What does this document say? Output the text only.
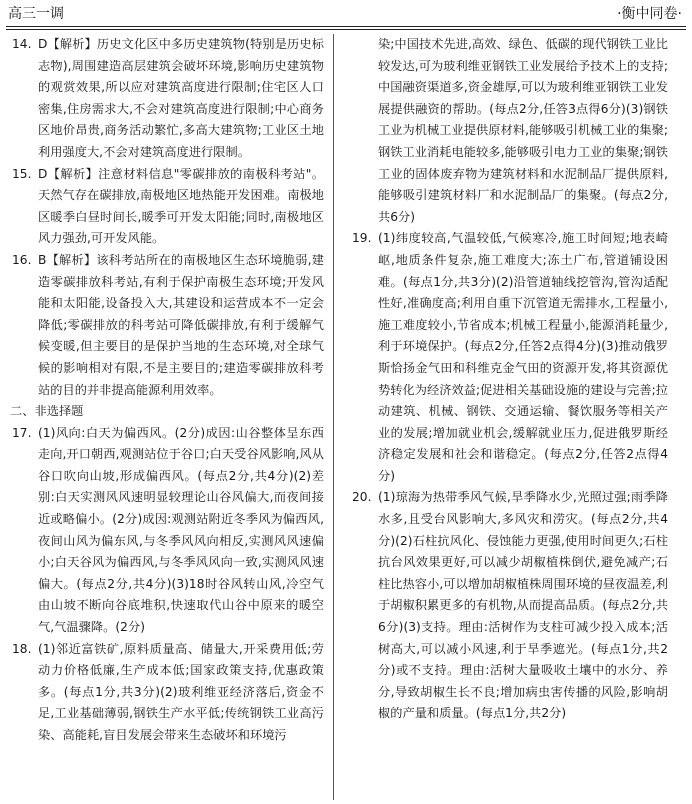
高三一调	·衡中同卷·
14. D【解析】历史文化区中多历史建筑物(特别是历史标志物),周围建造高层建筑会破坏环境,影响历史建筑物的观赏效果,所以应对建筑高度进行限制;住宅区人口密集,住房需求大,不会对建筑高度进行限制;中心商务区地价昂贵,商务活动繁忙,多高大建筑物;工业区土地利用强度大,不会对建筑高度进行限制。
15. D【解析】注意材料信息"零碳排放的南极科考站"。天然气存在碳排放,南极地区地热能开发困难。南极地区暖季白昼时间长,暖季可开发太阳能;同时,南极地区风力强劲,可开发风能。
16. B【解析】该科考站所在的南极地区生态环境脆弱,建造零碳排放科考站,有利于保护南极生态环境;开发风能和太阳能,设备投入大,其建设和运营成本不一定会降低;零碳排放的科考站可降低碳排放,有利于缓解气候变暖,但主要目的是保护当地的生态环境,对全球气候的影响相对有限,不是主要目的;建造零碳排放科考站的目的并非提高能源利用效率。
二、非选择题
17. (1)风向:白天为偏西风。(2分)成因:山谷整体呈东西走向,开口朝西,观测站位于谷口;白天受谷风影响,风从谷口吹向山坡,形成偏西风。(每点2分,共4分)(2)差别:白天实测风风速明显较理论山谷风偏大,而夜间接近或略偏小。(2分)成因:观测站附近冬季风为偏西风,夜间山风为偏东风,与冬季风风向相反,实测风风速偏小;白天谷风为偏西风,与冬季风风向一致,实测风风速偏大。(每点2分,共4分)(3)18时谷风转山风,冷空气由山坡不断向谷底堆积,快速取代山谷中原来的暖空气,气温骤降。(2分)
18. (1)邻近富铁矿,原料质量高、储量大,开采费用低;劳动力价格低廉,生产成本低;国家政策支持,优惠政策多。(每点1分,共3分)(2)玻利维亚经济落后,资金不足,工业基础薄弱,钢铁生产水平低;传统钢铁工业高污染、高能耗,盲目发展会带来生态破坏和环境污
染;中国技术先进,高效、绿色、低碳的现代钢铁工业比较发达,可为玻利维亚钢铁工业发展给予技术上的支持;中国融资渠道多,资金雄厚,可以为玻利维亚钢铁工业发展提供融资的帮助。(每点2分,任答3点得6分)(3)钢铁工业为机械工业提供原材料,能够吸引机械工业的集聚;钢铁工业消耗电能较多,能够吸引电力工业的集聚;钢铁工业的固体废弃物为建筑材料和水泥制品厂提供原料,能够吸引建筑材料厂和水泥制品厂的集聚。(每点2分,共6分)
19. (1)纬度较高,气温较低,气候寒冷,施工时间短;地表崎岖,地质条件复杂,施工难度大;冻土广布,管道铺设困难。(每点1分,共3分)(2)沿管道轴线挖管沟,管沟适配性好,准确度高;利用自重下沉管道无需排水,工程量小,施工难度较小,节省成本;机械工程量小,能源消耗量少,利于环境保护。(每点2分,任答2点得4分)(3)推动俄罗斯恰扬金气田和科维克金气田的资源开发,将其资源优势转化为经济效益;促进相关基础设施的建设与完善;拉动建筑、机械、钢铁、交通运输、餐饮服务等相关产业的发展;增加就业机会,缓解就业压力,促进俄罗斯经济稳定发展和社会和谐稳定。(每点2分,任答2点得4分)
20. (1)琼海为热带季风气候,旱季降水少,光照过强;雨季降水多,且受台风影响大,多风灾和涝灾。(每点2分,共4分)(2)石柱抗风化、侵蚀能力更强,使用时间更久;石柱抗台风效果更好,可以减少胡椒植株倒伏,避免减产;石柱比热容小,可以增加胡椒植株周围环境的昼夜温差,利于胡椒积累更多的有机物,从而提高品质。(每点2分,共6分)(3)支持。理由:活树作为支柱可减少投入成本;活树高大,可以减小风速,利于旱季遮光。(每点1分,共2分)或不支持。理由:活树大量吸收土壤中的水分、养分,导致胡椒生长不良;增加病虫害传播的风险,影响胡椒的产量和质量。(每点1分,共2分)
